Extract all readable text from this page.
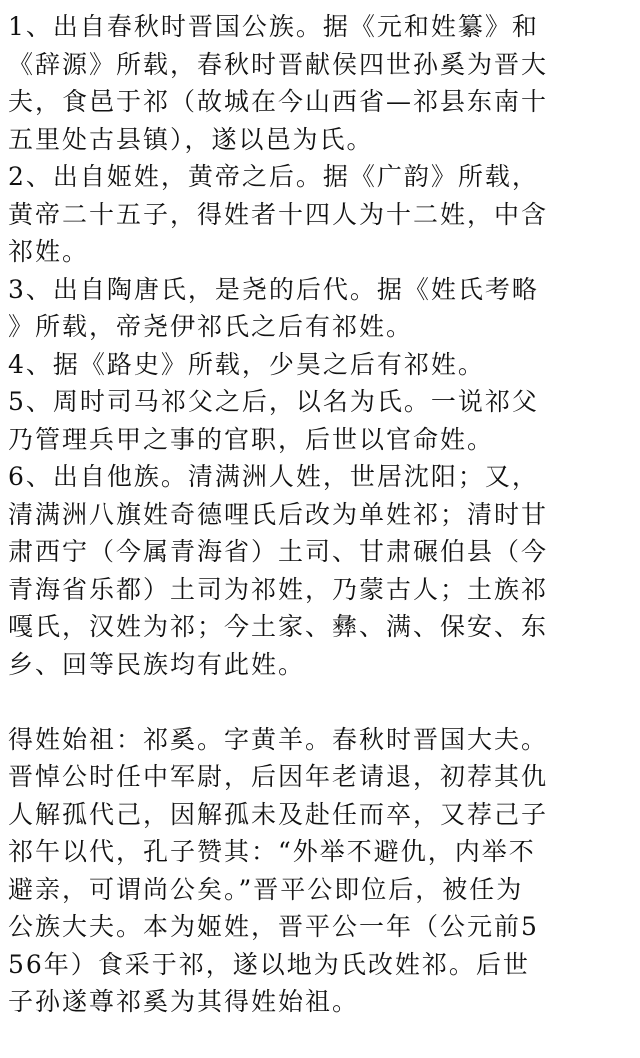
1、出自春秋时晋国公族。据《元和姓纂》和
《辞源》所载，春秋时晋献侯四世孙奚为晋大
夫，食邑于祁（故城在今山西省—祁县东南十
五里处古县镇），遂以邑为氏。
2、出自姬姓，黄帝之后。据《广韵》所载，
黄帝二十五子，得姓者十四人为十二姓，中含
祁姓。
3、出自陶唐氏，是尧的后代。据《姓氏考略
》所载，帝尧伊祁氏之后有祁姓。
4、据《路史》所载，少昊之后有祁姓。
5、周时司马祁父之后，以名为氏。一说祁父
乃管理兵甲之事的官职，后世以官命姓。
6、出自他族。清满洲人姓，世居沈阳；又，
清满洲八旗姓奇德哩氏后改为单姓祁；清时甘
肃西宁（今属青海省）土司、甘肃碾伯县（今
青海省乐都）土司为祁姓，乃蒙古人；土族祁
嘎氏，汉姓为祁；今土家、彝、满、保安、东
乡、回等民族均有此姓。
得姓始祖：祁奚。字黄羊。春秋时晋国大夫。
晋悼公时任中军尉，后因年老请退，初荐其仇
人解孤代己，因解孤未及赴任而卒，又荐己子
祁午以代，孔子赞其：“外举不避仇，内举不
避亲，可谓尚公矣。”晋平公即位后，被任为
公族大夫。本为姬姓，晋平公一年（公元前5
56年）食采于祁，遂以地为氏改姓祁。后世
子孙遂尊祁奚为其得姓始祖。
